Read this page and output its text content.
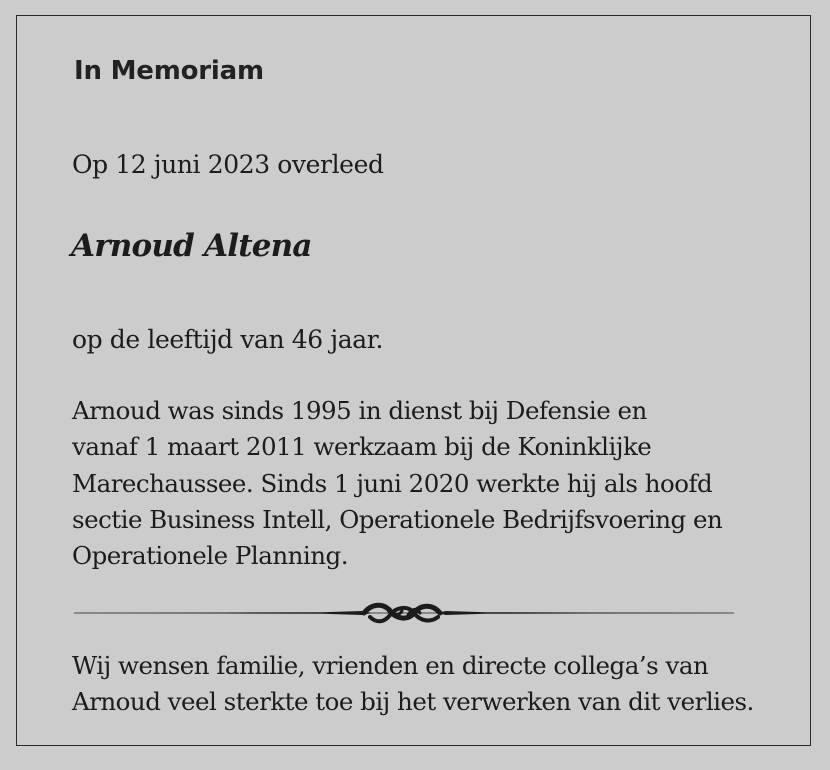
In Memoriam

Op 12 juni 2023 overleed

Arnoud Altena

op de leeftijd van 46 jaar.

Arnoud was sinds 1995 in dienst bij Defensie en
vanaf 1 maart 2011 werkzaam bij de Koninklijke
Marechaussee. Sinds 1 juni 2020 werkte hij als hoofd
sectie Business Intell, Operationele Bedrijfsvoering en
Operationele Planning.

Wij wensen familie, vrienden en directe collega’s van
Arnoud veel sterkte toe bij het verwerken van dit verlies.
